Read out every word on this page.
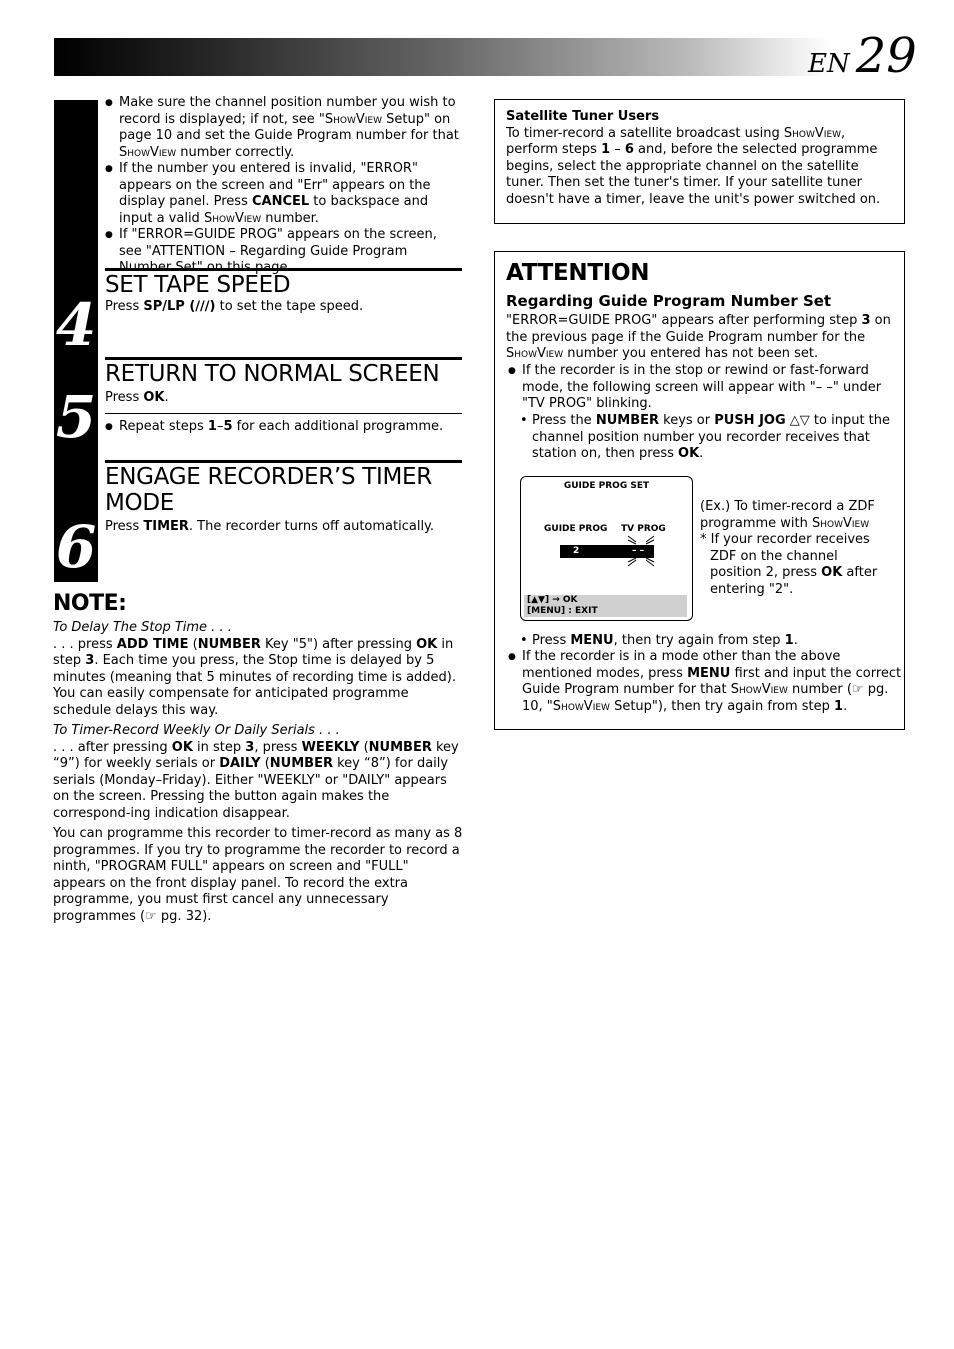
EN 29
4
5
6
● Make sure the channel position number you wish to record is displayed; if not, see "ShowView Setup" on page 10 and set the Guide Program number for that ShowView number correctly.
● If the number you entered is invalid, "ERROR" appears on the screen and "Err" appears on the display panel. Press CANCEL to backspace and input a valid ShowView number.
● If "ERROR=GUIDE PROG" appears on the screen, see "ATTENTION – Regarding Guide Program
SET TAPE SPEED
Press SP/LP (∕∕∕) to set the tape speed.
RETURN TO NORMAL SCREEN
Press OK.
● Repeat steps 1–5 for each additional programme.
ENGAGE RECORDER’S TIMER MODE
Press TIMER. The recorder turns off automatically.
NOTE:
To Delay The Stop Time . . .
. . . press ADD TIME (NUMBER Key "5") after pressing OK in step 3. Each time you press, the Stop time is delayed by 5 minutes (meaning that 5 minutes of recording time is added). You can easily compensate for anticipated programme schedule delays this way.
To Timer-Record Weekly Or Daily Serials . . .
. . . after pressing OK in step 3, press WEEKLY (NUMBER key “9”) for weekly serials or DAILY (NUMBER key “8”) for daily serials (Monday–Friday). Either "WEEKLY" or "DAILY" appears on the screen. Pressing the button again makes the correspond-ing indication disappear.
You can programme this recorder to timer-record as many as 8 programmes. If you try to programme the recorder to record a ninth, "PROGRAM FULL" appears on screen and "FULL" appears on the front display panel. To record the extra programme, you must first cancel any unnecessary programmes (☞ pg. 32).
Satellite Tuner Users
To timer-record a satellite broadcast using ShowView, perform steps 1 – 6 and, before the selected programme begins, select the appropriate channel on the satellite tuner. Then set the tuner's timer. If your satellite tuner doesn't have a timer, leave the unit's power switched on.
ATTENTION
Regarding Guide Program Number Set
"ERROR=GUIDE PROG" appears after performing step 3 on the previous page if the Guide Program number for the ShowView number you entered has not been set.
● If the recorder is in the stop or rewind or fast-forward mode, the following screen will appear with "– –" under "TV PROG" blinking.
• Press the NUMBER keys or PUSH JOG △▽ to input the channel position number you recorder receives that station on, then press OK.
GUIDE PROG SET
GUIDE PROG TV PROG
2	– –
[▲▼] → OK
[MENU] : EXIT
(Ex.) To timer-record a ZDF programme with ShowView
* If your recorder receives ZDF on the channel position 2, press OK after entering "2".
• Press MENU, then try again from step 1.
● If the recorder is in a mode other than the above mentioned modes, press MENU first and input the correct Guide Program number for that ShowView number (☞ pg. 10, "ShowView Setup"), then try again from step 1.
